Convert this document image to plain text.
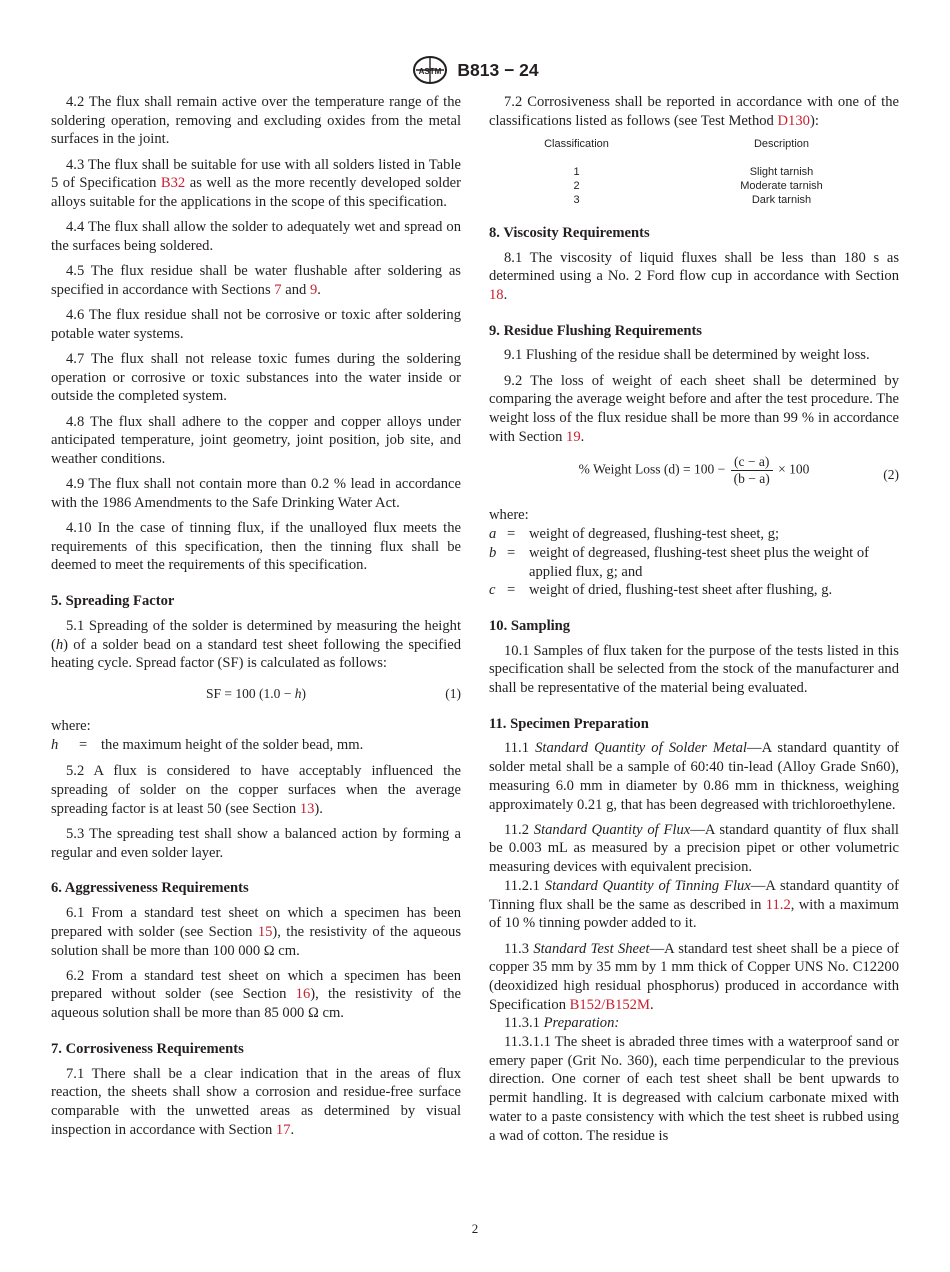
ASTM B813 − 24

4.2 The flux shall remain active over the temperature range of the soldering operation, removing and excluding oxides from the metal surfaces in the joint.

4.3 The flux shall be suitable for use with all solders listed in Table 5 of Specification B32 as well as the more recently developed solder alloys suitable for the applications in the scope of this specification.

4.4 The flux shall allow the solder to adequately wet and spread on the surfaces being soldered.

4.5 The flux residue shall be water flushable after soldering as specified in accordance with Sections 7 and 9.

4.6 The flux residue shall not be corrosive or toxic after soldering potable water systems.

4.7 The flux shall not release toxic fumes during the soldering operation or corrosive or toxic substances into the water inside or outside the completed system.

4.8 The flux shall adhere to the copper and copper alloys under anticipated temperature, joint geometry, joint position, job site, and weather conditions.

4.9 The flux shall not contain more than 0.2 % lead in accordance with the 1986 Amendments to the Safe Drinking Water Act.

4.10 In the case of tinning flux, if the unalloyed flux meets the requirements of this specification, then the tinning flux shall be deemed to meet the requirements of this specification.

5. Spreading Factor

5.1 Spreading of the solder is determined by measuring the height (h) of a solder bead on a standard test sheet following the specified heating cycle. Spread factor (SF) is calculated as follows:

SF = 100 (1.0 − h)	(1)

where:

h	= the maximum height of the solder bead, mm.

5.2 A flux is considered to have acceptably influenced the spreading of solder on the copper surfaces when the average spreading factor is at least 50 (see Section 13).

5.3 The spreading test shall show a balanced action by forming a regular and even solder layer.

6. Aggressiveness Requirements

6.1 From a standard test sheet on which a specimen has been prepared with solder (see Section 15), the resistivity of the aqueous solution shall be more than 100 000 Ω cm.

6.2 From a standard test sheet on which a specimen has been prepared without solder (see Section 16), the resistivity of the aqueous solution shall be more than 85 000 Ω cm.

7. Corrosiveness Requirements

7.1 There shall be a clear indication that in the areas of flux reaction, the sheets shall show a corrosion and residue-free surface comparable with the unwetted areas as determined by visual inspection in accordance with Section 17.

7.2 Corrosiveness shall be reported in accordance with one of the classifications listed as follows (see Test Method D130):

Classification	Description
1	Slight tarnish
2	Moderate tarnish
3	Dark tarnish
8. Viscosity Requirements

8.1 The viscosity of liquid fluxes shall be less than 180 s as determined using a No. 2 Ford flow cup in accordance with Section 18.

9. Residue Flushing Requirements

9.1 Flushing of the residue shall be determined by weight loss.

9.2 The loss of weight of each sheet shall be determined by comparing the average weight before and after the test procedure. The weight loss of the flux residue shall be more than 99 % in accordance with Section 19.

% Weight Loss $(d) = 100 - \frac{(c - a)}{(b - a)} \times 100$	(2)

where:

a = weight of degreased, flushing-test sheet, g;
b = weight of degreased, flushing-test sheet plus the weight of applied flux, g; and
c = weight of dried, flushing-test sheet after flushing, g.
10. Sampling

10.1 Samples of flux taken for the purpose of the tests listed in this specification shall be selected from the stock of the manufacturer and shall be representative of the material being evaluated.

11. Specimen Preparation

11.1 Standard Quantity of Solder Metal—A standard quantity of solder metal shall be a sample of 60:40 tin-lead (Alloy Grade Sn60), measuring 6.0 mm in diameter by 0.86 mm in thickness, weighing approximately 0.21 g, that has been degreased with trichloroethylene.

11.2 Standard Quantity of Flux—A standard quantity of flux shall be 0.003 mL as measured by a precision pipet or other volumetric measuring devices with equivalent precision.

11.2.1 Standard Quantity of Tinning Flux—A standard quantity of Tinning flux shall be the same as described in 11.2, with a maximum of 10 % tinning powder added to it.

11.3 Standard Test Sheet—A standard test sheet shall be a piece of copper 35 mm by 35 mm by 1 mm thick of Copper UNS No. C12200 (deoxidized high residual phosphorus) produced in accordance with Specification B152/B152M.

11.3.1 Preparation:

11.3.1.1 The sheet is abraded three times with a waterproof sand or emery paper (Grit No. 360), each time perpendicular to the previous direction. One corner of each test sheet shall be bent upwards to permit handling. It is degreased with calcium carbonate mixed with water to a paste consistency with which the test sheet is rubbed using a wad of cotton. The residue is

2
